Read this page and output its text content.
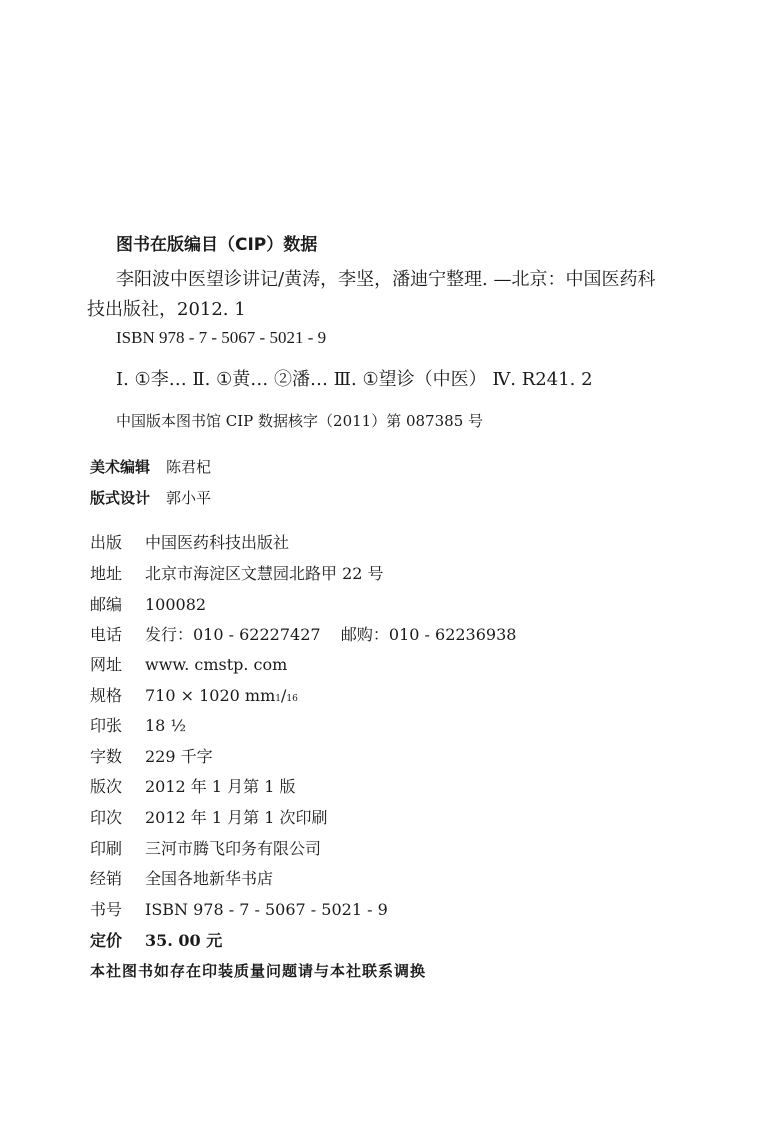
图书在版编目（CIP）数据
李阳波中医望诊讲记/黄涛，李坚，潘迪宁整理. —北京：中国医药科
技出版社，2012. 1
ISBN 978 - 7 - 5067 - 5021 - 9
Ⅰ. ①李… Ⅱ. ①黄… ②潘… Ⅲ. ①望诊（中医） Ⅳ. R241. 2
中国版本图书馆 CIP 数据核字（2011）第 087385 号
美术编辑 陈君杞
版式设计 郭小平
出版	中国医药科技出版社
地址	北京市海淀区文慧园北路甲 22 号
邮编	100082
电话	发行：010 - 62227427    邮购：010 - 62236938
网址	www. cmstp. com
规格	710 × 1020 $mm_1 / 16$
印张	18 ½
字数	229 千字
版次	2012 年 1 月第 1 版
印次	2012 年 1 月第 1 次印刷
印刷	三河市腾飞印务有限公司
经销	全国各地新华书店
书号	ISBN 978 - 7 - 5067 - 5021 - 9
定价	35. 00 元
本社图书如存在印装质量问题请与本社联系调换
